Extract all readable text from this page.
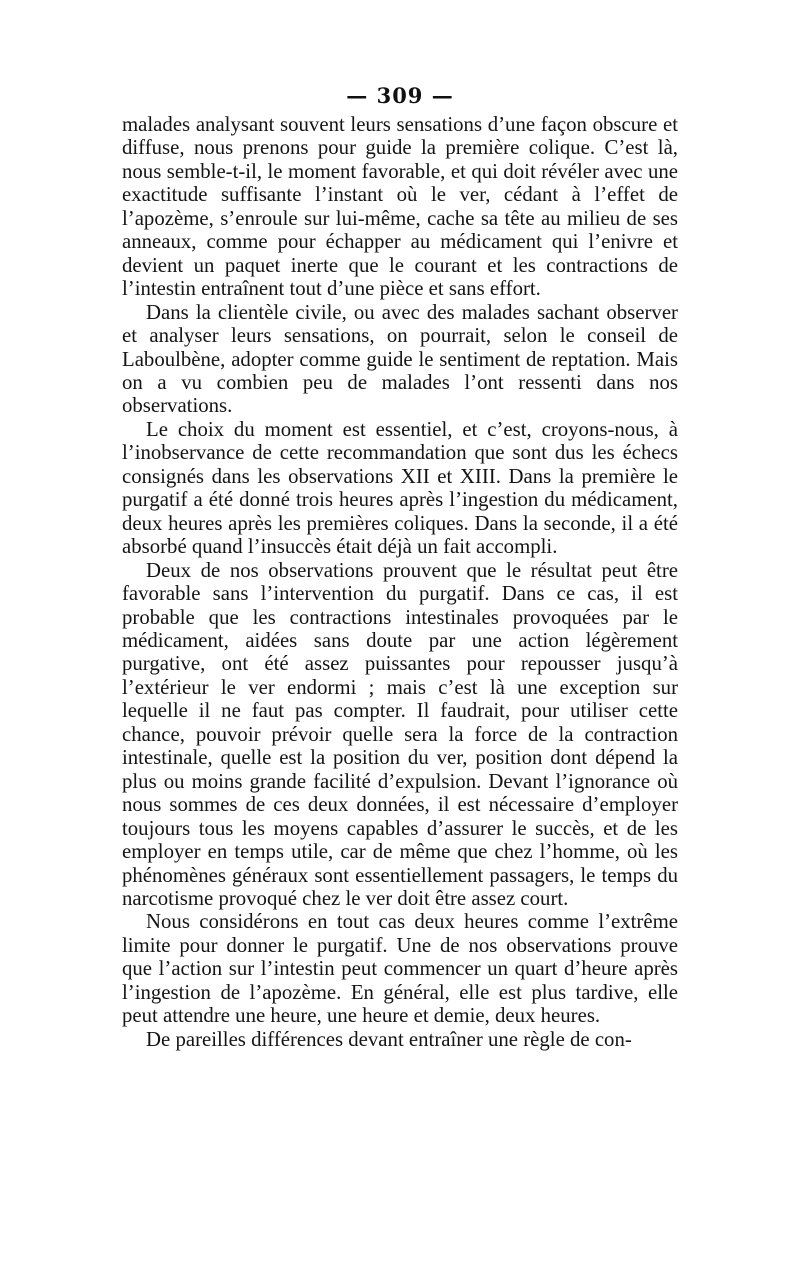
— 309 —

malades analysant souvent leurs sensations d’une façon obscure et diffuse, nous prenons pour guide la première colique. C’est là, nous semble-t-il, le moment favorable, et qui doit révéler avec une exactitude suffisante l’instant où le ver, cédant à l’effet de l’apozème, s’enroule sur lui-même, cache sa tête au milieu de ses anneaux, comme pour échapper au médicament qui l’enivre et devient un paquet inerte que le courant et les contractions de l’intestin entraînent tout d’une pièce et sans effort.

Dans la clientèle civile, ou avec des malades sachant observer et analyser leurs sensations, on pourrait, selon le conseil de Laboulbène, adopter comme guide le sentiment de reptation. Mais on a vu combien peu de malades l’ont ressenti dans nos observations.

Le choix du moment est essentiel, et c’est, croyons-nous, à l’inobservance de cette recommandation que sont dus les échecs consignés dans les observations XII et XIII. Dans la première le purgatif a été donné trois heures après l’ingestion du médicament, deux heures après les premières coliques. Dans la seconde, il a été absorbé quand l’insuccès était déjà un fait accompli.

Deux de nos observations prouvent que le résultat peut être favorable sans l’intervention du purgatif. Dans ce cas, il est probable que les contractions intestinales provoquées par le médicament, aidées sans doute par une action légèrement purgative, ont été assez puissantes pour repousser jusqu’à l’extérieur le ver endormi ; mais c’est là une exception sur lequelle il ne faut pas compter. Il faudrait, pour utiliser cette chance, pouvoir prévoir quelle sera la force de la contraction intestinale, quelle est la position du ver, position dont dépend la plus ou moins grande facilité d’expulsion. Devant l’ignorance où nous sommes de ces deux données, il est nécessaire d’employer toujours tous les moyens capables d’assurer le succès, et de les employer en temps utile, car de même que chez l’homme, où les phénomènes généraux sont essentiellement passagers, le temps du narcotisme provoqué chez le ver doit être assez court.

Nous considérons en tout cas deux heures comme l’extrême limite pour donner le purgatif. Une de nos observations prouve que l’action sur l’intestin peut commencer un quart d’heure après l’ingestion de l’apozème. En général, elle est plus tardive, elle peut attendre une heure, une heure et demie, deux heures.

De pareilles différences devant entraîner une règle de con-
